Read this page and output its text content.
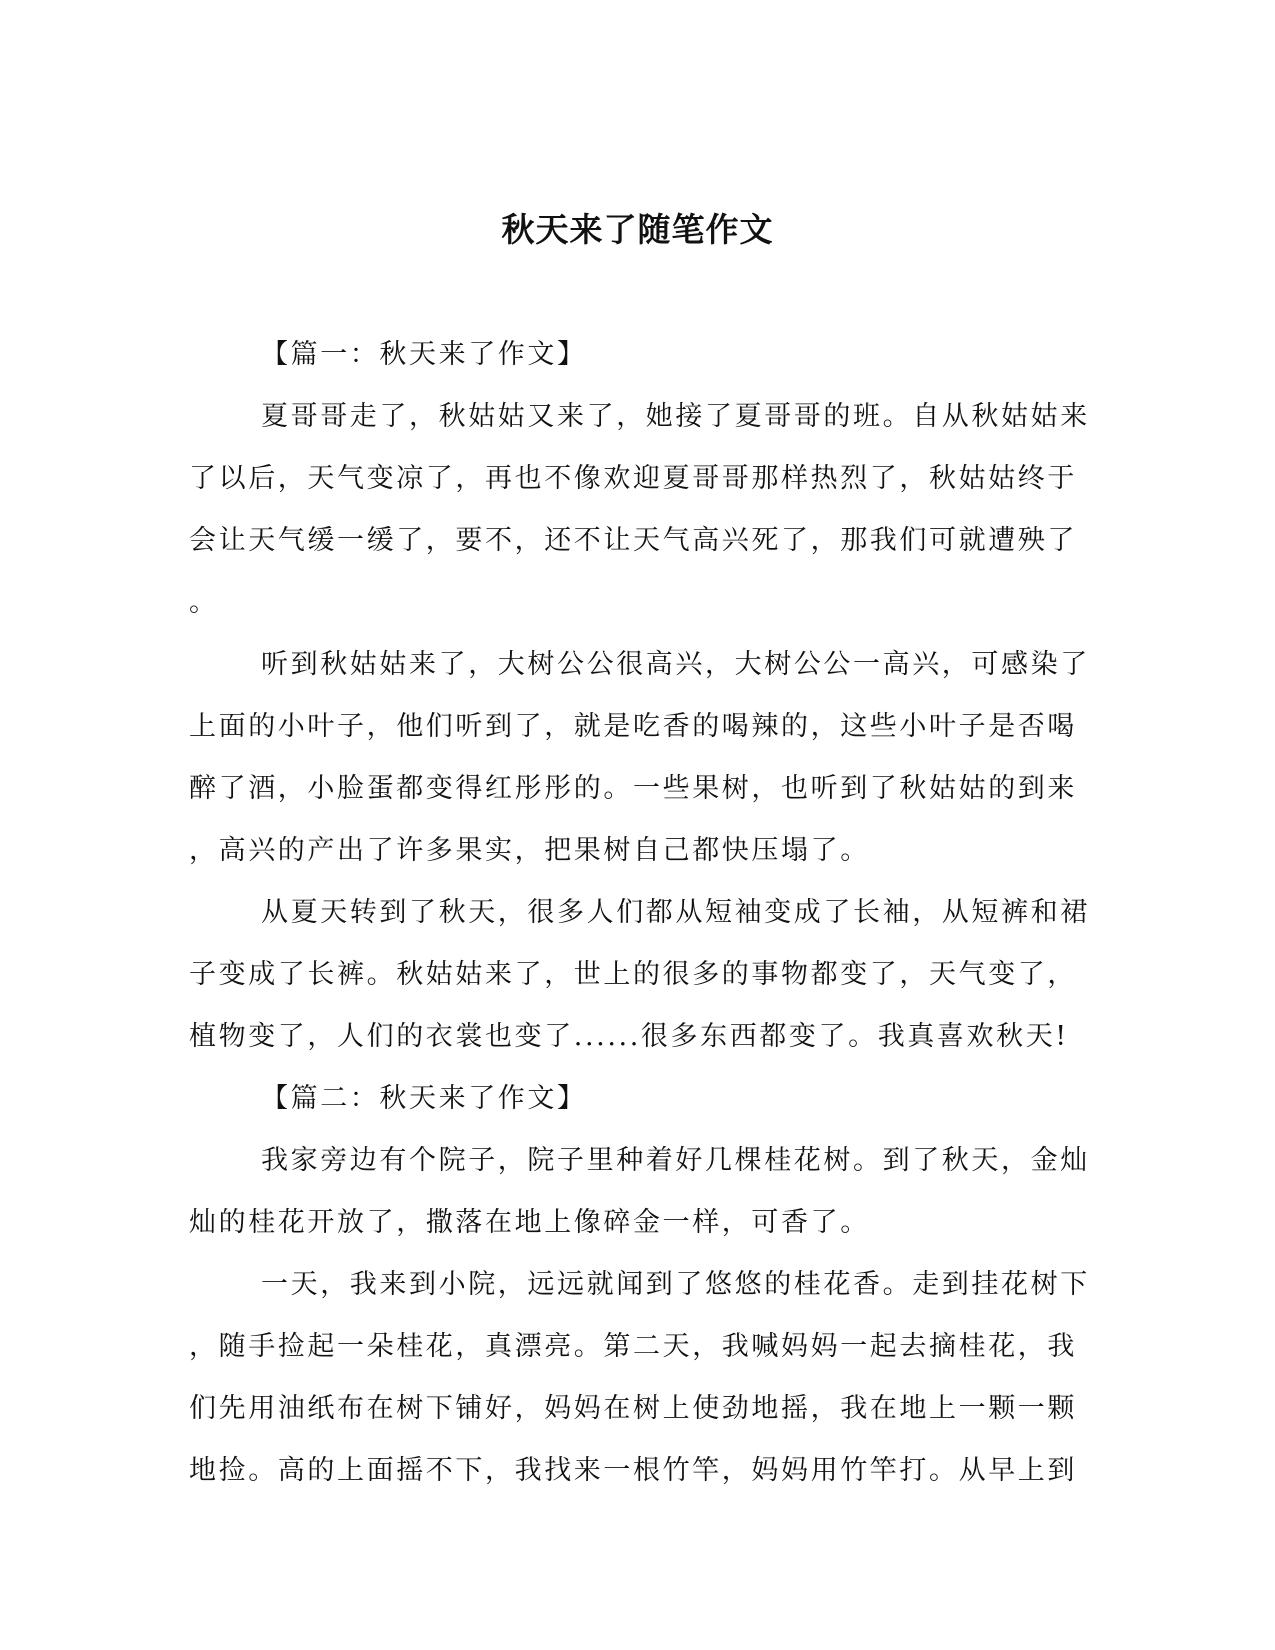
秋天来了随笔作文
【篇一：秋天来了作文】
夏哥哥走了，秋姑姑又来了，她接了夏哥哥的班。自从秋姑姑来
了以后，天气变凉了，再也不像欢迎夏哥哥那样热烈了，秋姑姑终于
会让天气缓一缓了，要不，还不让天气高兴死了，那我们可就遭殃了
。
听到秋姑姑来了，大树公公很高兴，大树公公一高兴，可感染了
上面的小叶子，他们听到了，就是吃香的喝辣的，这些小叶子是否喝
醉了酒，小脸蛋都变得红彤彤的。一些果树，也听到了秋姑姑的到来
，高兴的产出了许多果实，把果树自己都快压塌了。
从夏天转到了秋天，很多人们都从短袖变成了长袖，从短裤和裙
子变成了长裤。秋姑姑来了，世上的很多的事物都变了，天气变了，
植物变了，人们的衣裳也变了......很多东西都变了。我真喜欢秋天!
【篇二：秋天来了作文】
我家旁边有个院子，院子里种着好几棵桂花树。到了秋天，金灿
灿的桂花开放了，撒落在地上像碎金一样，可香了。
一天，我来到小院，远远就闻到了悠悠的桂花香。走到挂花树下
，随手捡起一朵桂花，真漂亮。第二天，我喊妈妈一起去摘桂花，我
们先用油纸布在树下铺好，妈妈在树上使劲地摇，我在地上一颗一颗
地捡。高的上面摇不下，我找来一根竹竿，妈妈用竹竿打。从早上到
